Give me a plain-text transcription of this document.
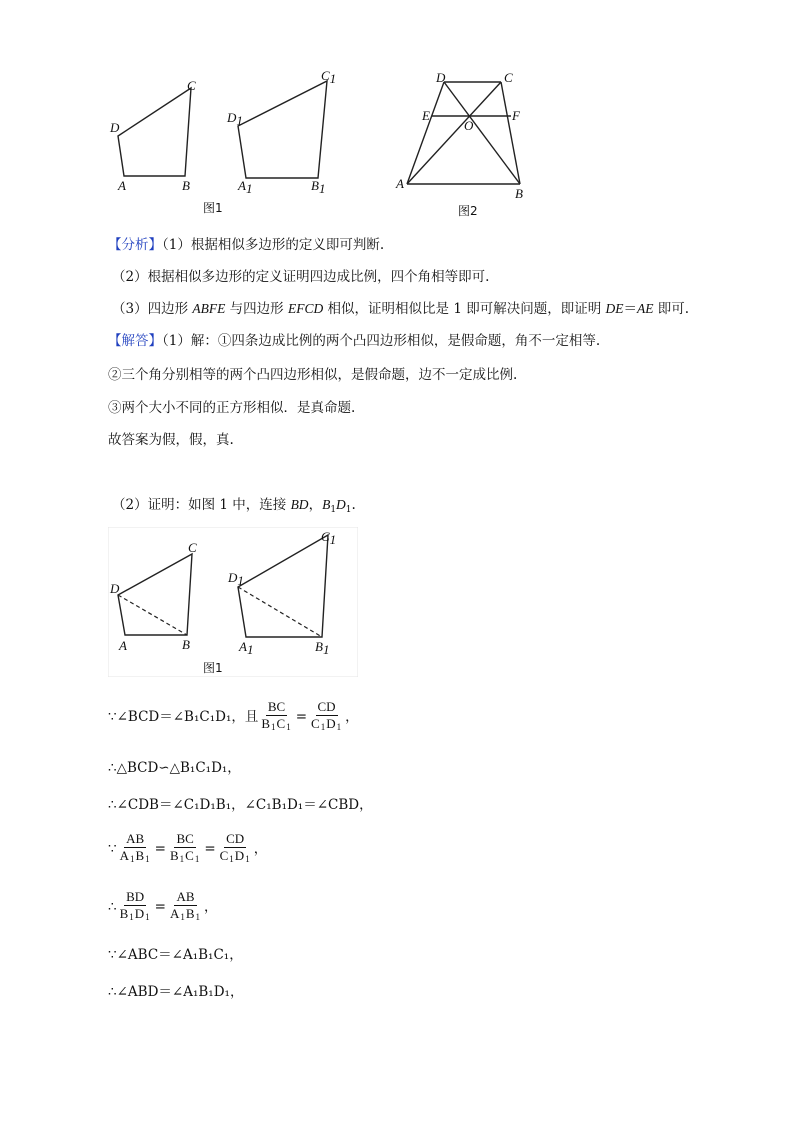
D
A	B
C
D1
A1	B1
C1
图1
D	C
E	F
O
A
B
图2
【分析】（1）根据相似多边形的定义即可判断.
（2）根据相似多边形的定义证明四边成比例，四个角相等即可.
（3）四边形 ABFE 与四边形 EFCD 相似，证明相似比是 1 即可解决问题，即证明 DE＝AE 即可.
【解答】（1）解：①四条边成比例的两个凸四边形相似，是假命题，角不一定相等.
②三个角分别相等的两个凸四边形相似，是假命题，边不一定成比例.
③两个大小不同的正方形相似．是真命题.
故答案为假，假，真.
（2）证明：如图 1 中，连接 BD，$B_1D_1$.
D
A	B
C
D1
A1	B1
C1
图1
∵ ∠BCD＝∠B₁C₁D₁，且 $\frac{BC}{B_1C_1} = \frac{CD}{C_1D_1}$ ，
∴△BCD∽△B₁C₁D₁，
∴∠CDB＝∠C₁D₁B₁，∠C₁B₁D₁＝∠CBD，
∵ $\frac{AB}{A_1B_1} = \frac{BC}{B_1C_1} = \frac{CD}{C_1D_1}$ ，
∴ $\frac{BD}{B_1D_1} = \frac{AB}{A_1B_1}$ ，
∵∠ABC＝∠A₁B₁C₁，
∴∠ABD＝∠A₁B₁D₁，
